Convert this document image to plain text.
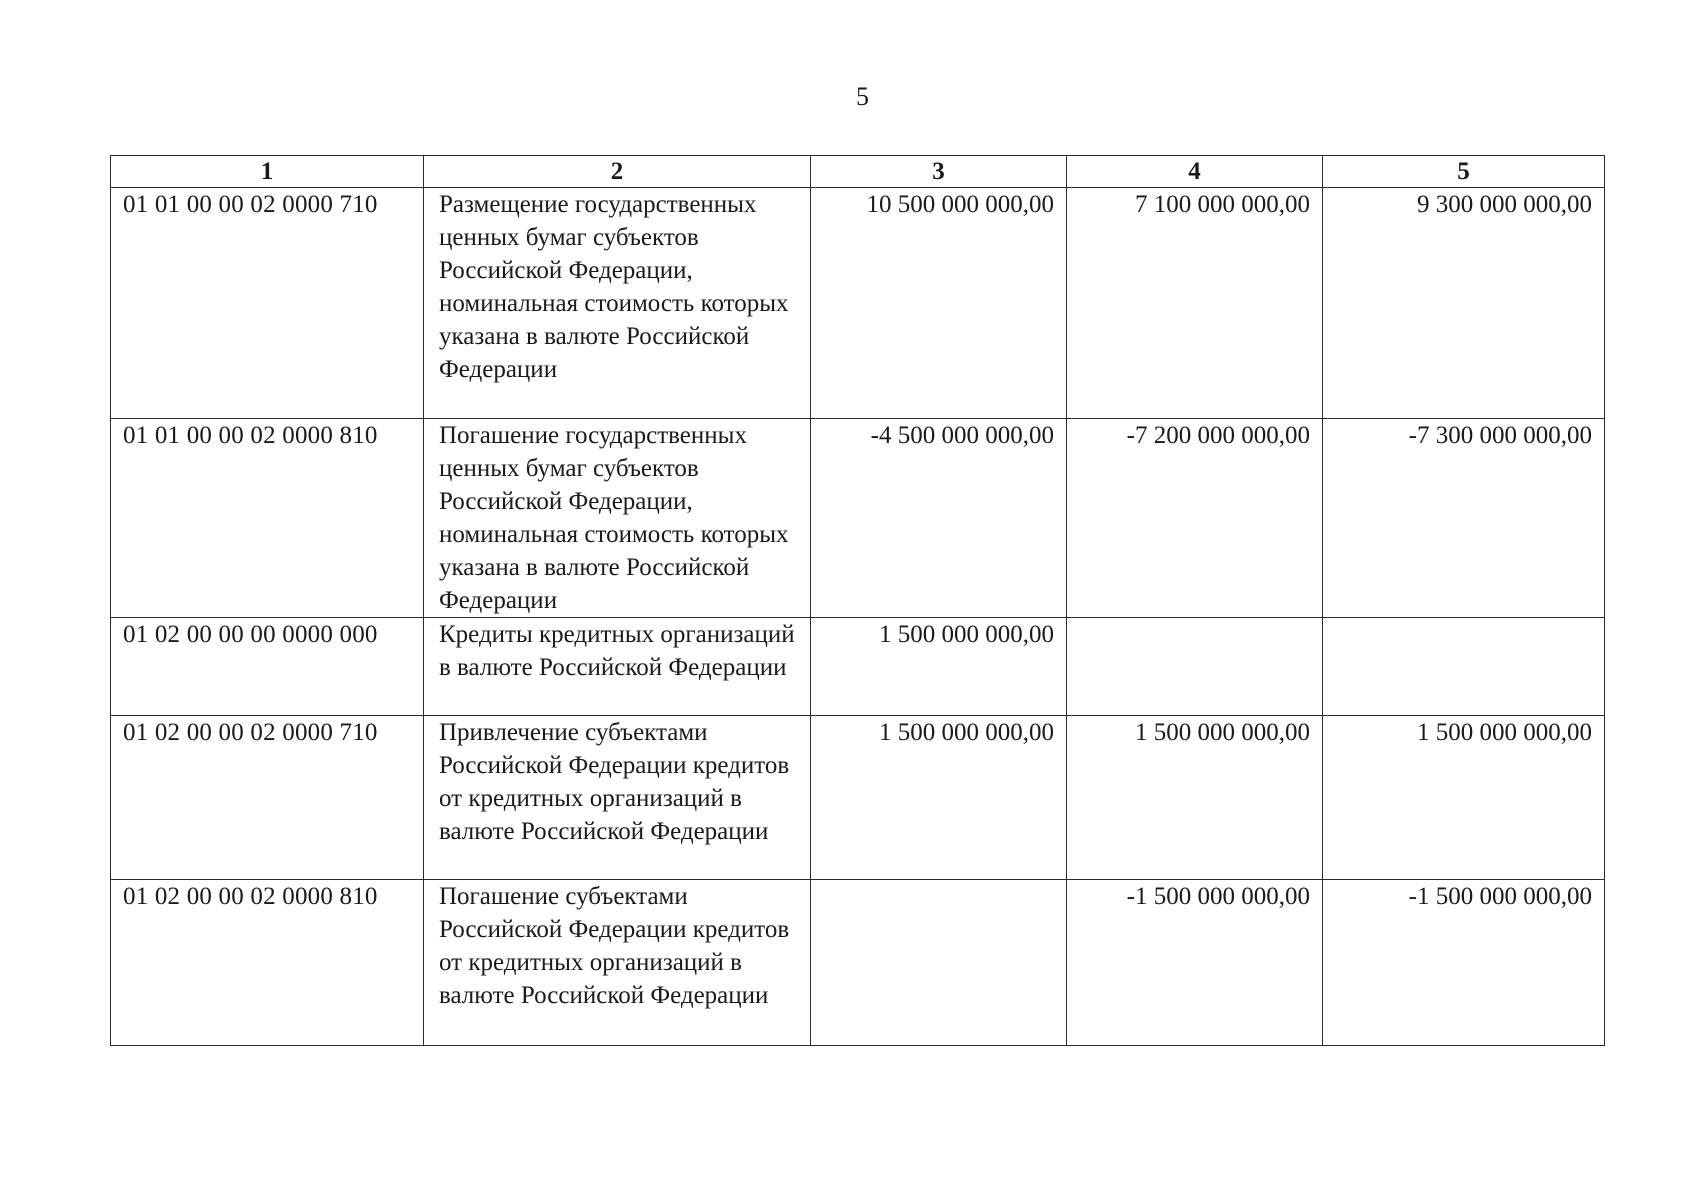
5
1	2	3	4	5
01 01 00 00 02 0000 710	Размещение государственных ценных бумаг субъектов Российской Федерации, номинальная стоимость которых указана в валюте Российской Федерации	10 500 000 000,00	7 100 000 000,00	9 300 000 000,00
01 01 00 00 02 0000 810	Погашение государственных ценных бумаг субъектов Российской Федерации, номинальная стоимость которых указана в валюте Российской Федерации	-4 500 000 000,00	-7 200 000 000,00	-7 300 000 000,00
01 02 00 00 00 0000 000	Кредиты кредитных организаций в валюте Российской Федерации	1 500 000 000,00		
01 02 00 00 02 0000 710	Привлечение субъектами Российской Федерации кредитов от кредитных организаций в валюте Российской Федерации	1 500 000 000,00	1 500 000 000,00	1 500 000 000,00
01 02 00 00 02 0000 810	Погашение субъектами Российской Федерации кредитов от кредитных организаций в валюте Российской Федерации		-1 500 000 000,00	-1 500 000 000,00
